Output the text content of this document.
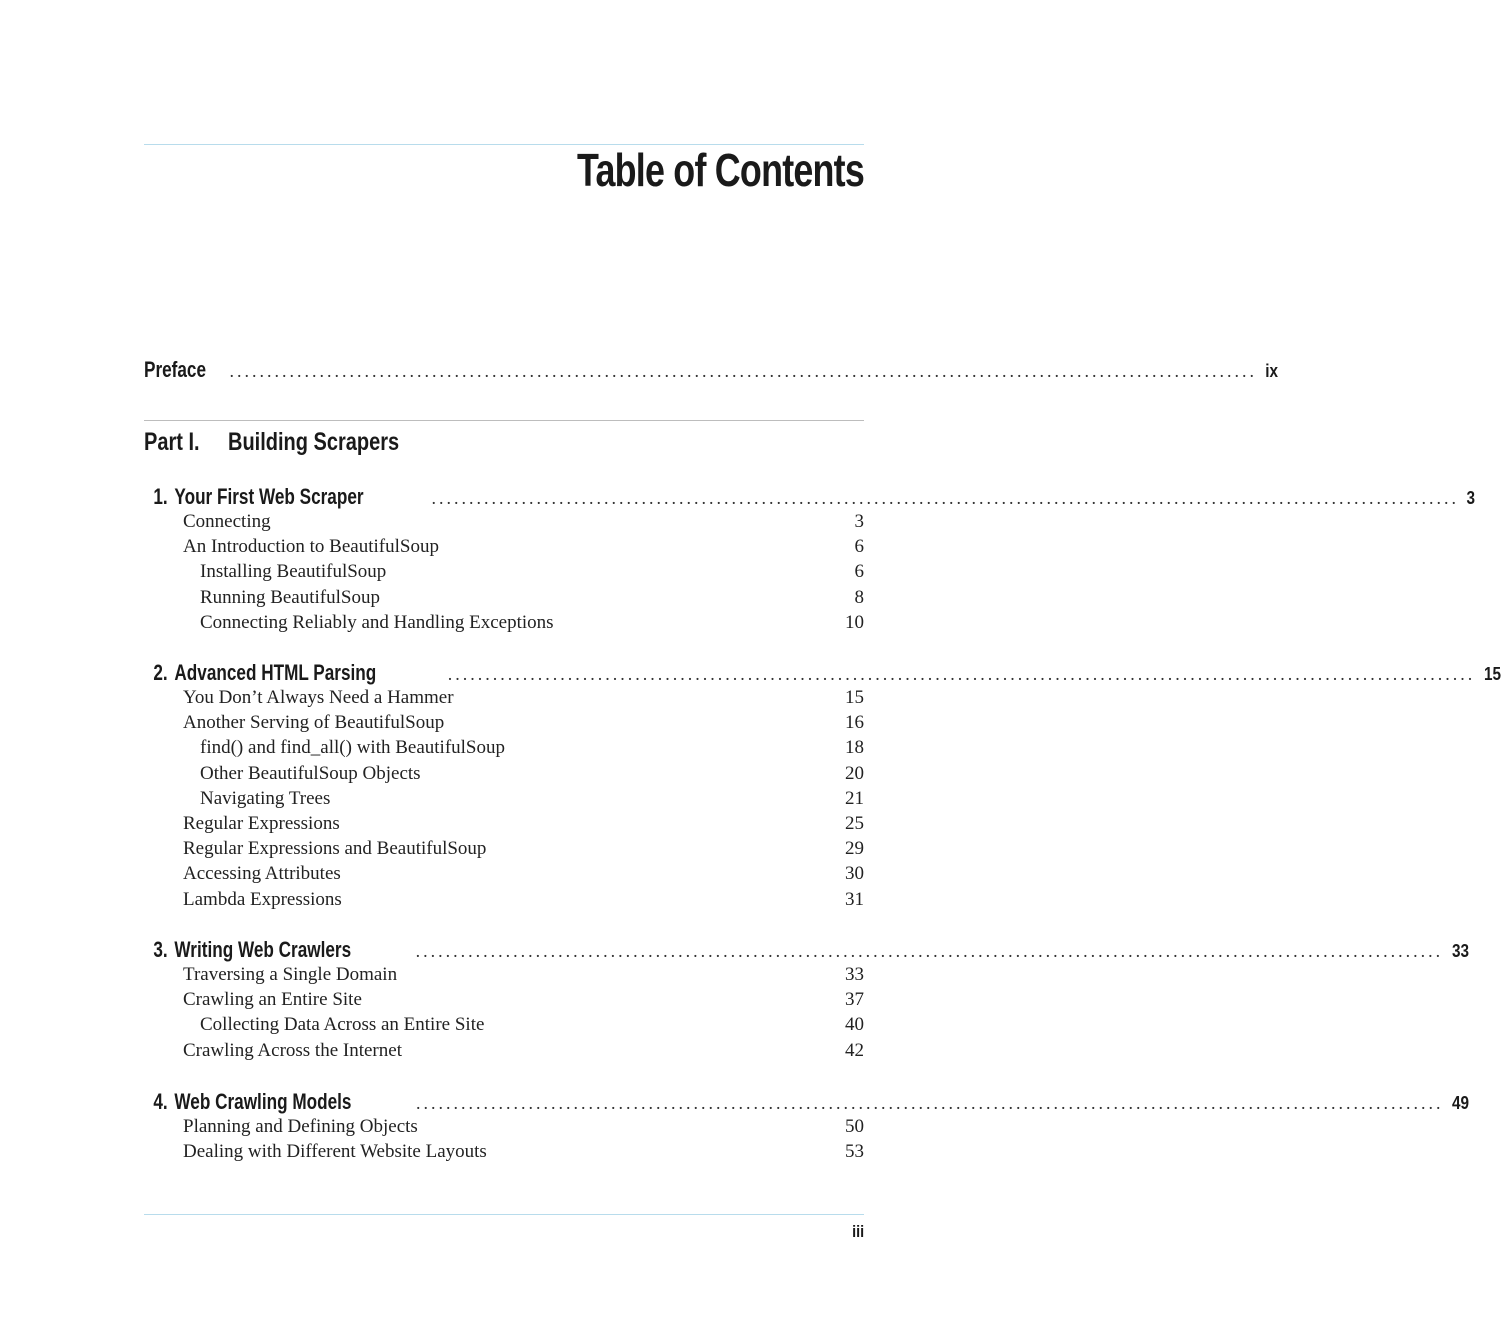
Table of Contents
Preface ......................................................................................................................................... ix
Part I. Building Scrapers
1. Your First Web Scraper	......................................................................................................................................... 3
Connecting	3
An Introduction to BeautifulSoup	6
Installing BeautifulSoup	6
Running BeautifulSoup	8
Connecting Reliably and Handling Exceptions	10
2. Advanced HTML Parsing	......................................................................................................................................... 15
You Don’t Always Need a Hammer	15
Another Serving of BeautifulSoup	16
find() and find_all() with BeautifulSoup	18
Other BeautifulSoup Objects	20
Navigating Trees	21
Regular Expressions	25
Regular Expressions and BeautifulSoup	29
Accessing Attributes	30
Lambda Expressions	31
3. Writing Web Crawlers	......................................................................................................................................... 33
Traversing a Single Domain	33
Crawling an Entire Site	37
Collecting Data Across an Entire Site	40
Crawling Across the Internet	42
4. Web Crawling Models	......................................................................................................................................... 49
Planning and Defining Objects	50
Dealing with Different Website Layouts	53
iii
